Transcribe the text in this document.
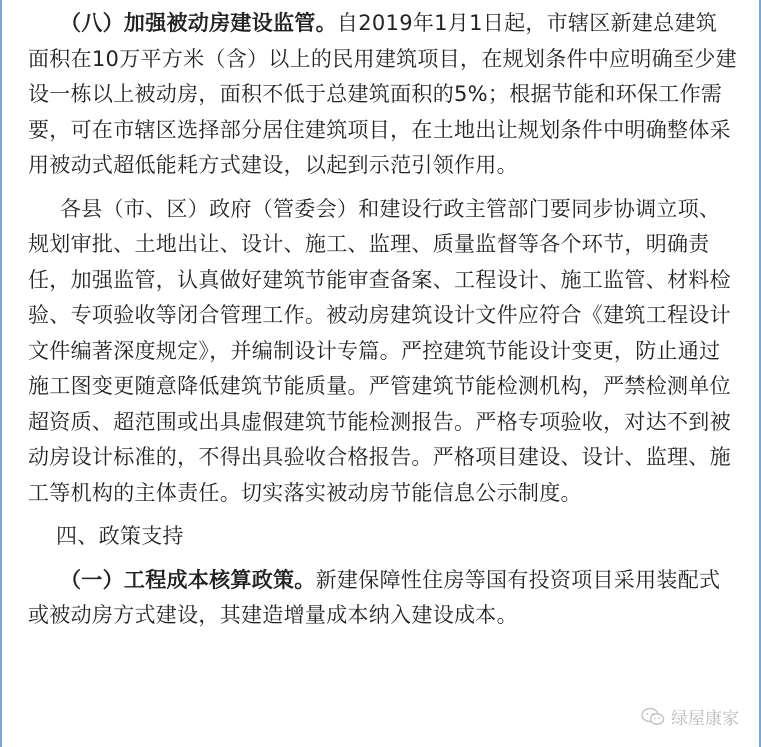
（八）加强被动房建设监管。自2019年1月1日起，市辖区新建总建筑面积在10万平方米（含）以上的民用建筑项目，在规划条件中应明确至少建设一栋以上被动房，面积不低于总建筑面积的5%；根据节能和环保工作需要，可在市辖区选择部分居住建筑项目，在土地出让规划条件中明确整体采用被动式超低能耗方式建设，以起到示范引领作用。

各县（市、区）政府（管委会）和建设行政主管部门要同步协调立项、规划审批、土地出让、设计、施工、监理、质量监督等各个环节，明确责任，加强监管，认真做好建筑节能审查备案、工程设计、施工监管、材料检验、专项验收等闭合管理工作。被动房建筑设计文件应符合《建筑工程设计文件编著深度规定》，并编制设计专篇。严控建筑节能设计变更，防止通过施工图变更随意降低建筑节能质量。严管建筑节能检测机构，严禁检测单位超资质、超范围或出具虚假建筑节能检测报告。严格专项验收，对达不到被动房设计标准的，不得出具验收合格报告。严格项目建设、设计、监理、施工等机构的主体责任。切实落实被动房节能信息公示制度。

四、政策支持

（一）工程成本核算政策。新建保障性住房等国有投资项目采用装配式或被动房方式建设，其建造增量成本纳入建设成本。

绿屋康家
